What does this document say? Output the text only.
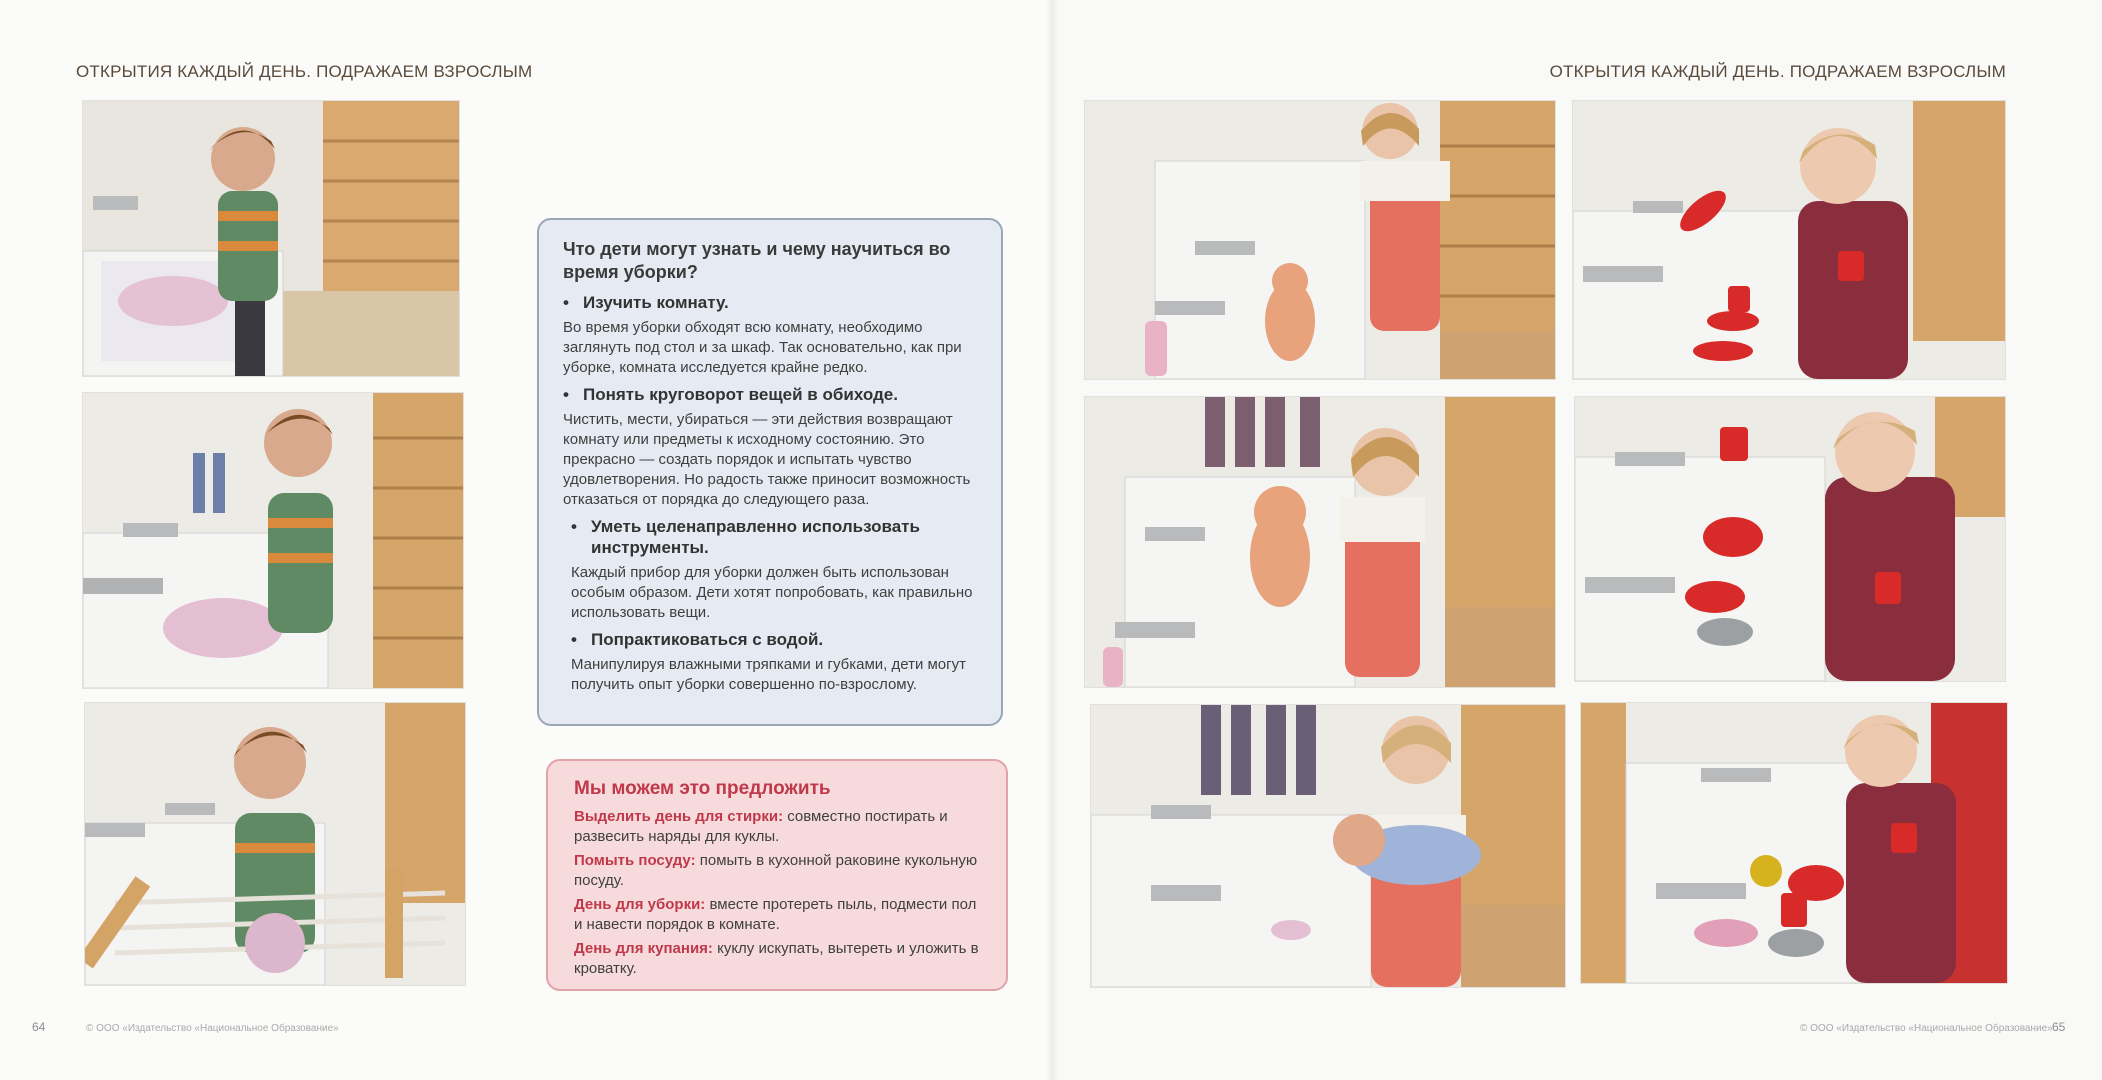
ОТКРЫТИЯ КАЖДЫЙ ДЕНЬ. ПОДРАЖАЕМ ВЗРОСЛЫМ	ОТКРЫТИЯ КАЖДЫЙ ДЕНЬ. ПОДРАЖАЕМ ВЗРОСЛЫМ
Что дети могут узнать и чему научиться во время уборки?
• Изучить комнату.

Во время уборки обходят всю комнату, необходимо заглянуть под стол и за шкаф. Так основательно, как при уборке, комната исследуется крайне редко.

• Понять круговорот вещей в обиходе.

Чистить, мести, убираться — эти действия возвращают комнату или предметы к исходному состоянию. Это прекрасно — создать порядок и испытать чувство удовлетворения. Но радость также приносит возможность отказаться от порядка до следующего раза.

• Уметь целенаправленно использовать инструменты.

Каждый прибор для уборки должен быть использован особым образом. Дети хотят попробовать, как правильно использовать вещи.

• Попрактиковаться с водой.

Манипулируя влажными тряпками и губками, дети могут получить опыт уборки совершенно по-взрослому.

Мы можем это предложить

Выделить день для стирки: совместно постирать и развесить наряды для куклы.

Помыть посуду: помыть в кухонной раковине кукольную посуду.

День для уборки: вместе протереть пыль, подмести пол и навести порядок в комнате.

День для купания: куклу искупать, вытереть и уложить в кроватку.

64	© ООО «Издательство «Национальное Образование»	© ООО «Издательство «Национальное Образование» 65
